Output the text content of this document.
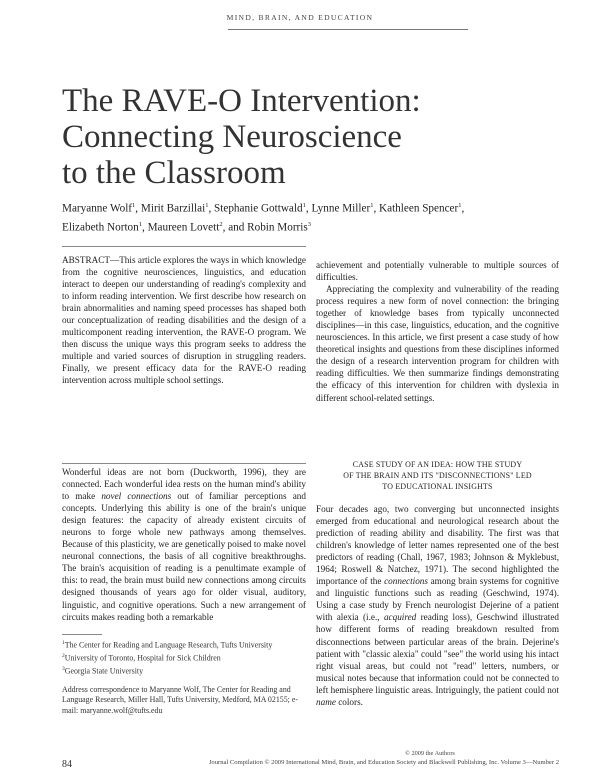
MIND, BRAIN, AND EDUCATION
The RAVE-O Intervention:
Connecting Neuroscience
to the Classroom
Maryanne Wolf$^1$, Mirit Barzillai$^1$, Stephanie Gottwald$^1$, Lynne Miller$^1$, Kathleen Spencer$^1$,
Elizabeth Norton$^1$, Maureen Lovett$^2$, and Robin Morris$^3$

ABSTRACT—This article explores the ways in which knowledge from the cognitive neurosciences, linguistics, and education interact to deepen our understanding of reading's complexity and to inform reading intervention. We first describe how research on brain abnormalities and naming speed processes has shaped both our conceptualization of reading disabilities and the design of a multicomponent reading intervention, the RAVE-O program. We then discuss the unique ways this program seeks to address the multiple and varied sources of disruption in struggling readers. Finally, we present efficacy data for the RAVE-O reading intervention across multiple school settings.

Wonderful ideas are not born (Duckworth, 1996), they are connected. Each wonderful idea rests on the human mind's ability to make novel connections out of familiar perceptions and concepts. Underlying this ability is one of the brain's unique design features: the capacity of already existent circuits of neurons to forge whole new pathways among themselves. Because of this plasticity, we are genetically poised to make novel neuronal connections, the basis of all cognitive breakthroughs. The brain's acquisition of reading is a penultimate example of this: to read, the brain must build new connections among circuits designed thousands of years ago for older visual, auditory, linguistic, and cognitive operations. Such a new arrangement of circuits makes reading both a remarkable

achievement and potentially vulnerable to multiple sources of difficulties.

Appreciating the complexity and vulnerability of the reading process requires a new form of novel connection: the bringing together of knowledge bases from typically unconnected disciplines—in this case, linguistics, education, and the cognitive neurosciences. In this article, we first present a case study of how theoretical insights and questions from these disciplines informed the design of a research intervention program for children with reading difficulties. We then summarize findings demonstrating the efficacy of this intervention for children with dyslexia in different school-related settings.

CASE STUDY OF AN IDEA: HOW THE STUDY
OF THE BRAIN AND ITS "DISCONNECTIONS" LED
TO EDUCATIONAL INSIGHTS

Four decades ago, two converging but unconnected insights emerged from educational and neurological research about the prediction of reading ability and disability. The first was that children's knowledge of letter names represented one of the best predictors of reading (Chall, 1967, 1983; Johnson & Myklebust, 1964; Roswell & Natchez, 1971). The second highlighted the importance of the connections among brain systems for cognitive and linguistic functions such as reading (Geschwind, 1974). Using a case study by French neurologist Dejerine of a patient with alexia (i.e., acquired reading loss), Geschwind illustrated how different forms of reading breakdown resulted from disconnections between particular areas of the brain. Dejerine's patient with "classic alexia" could "see" the world using his intact right visual areas, but could not "read" letters, numbers, or musical notes because that information could not be connected to left hemisphere linguistic areas. Intriguingly, the patient could not name colors.

$^1$The Center for Reading and Language Research, Tufts University
$^2$University of Toronto, Hospital for Sick Children
$^3$Georgia State University
Address correspondence to Maryanne Wolf, The Center for Reading and Language Research, Miller Hall, Tufts University, Medford, MA 02155; e-mail: maryanne.wolf@tufts.edu
84
© 2009 the Authors
Journal Compilation © 2009 International Mind, Brain, and Education Society and Blackwell Publishing, Inc. Volume 3—Number 2
